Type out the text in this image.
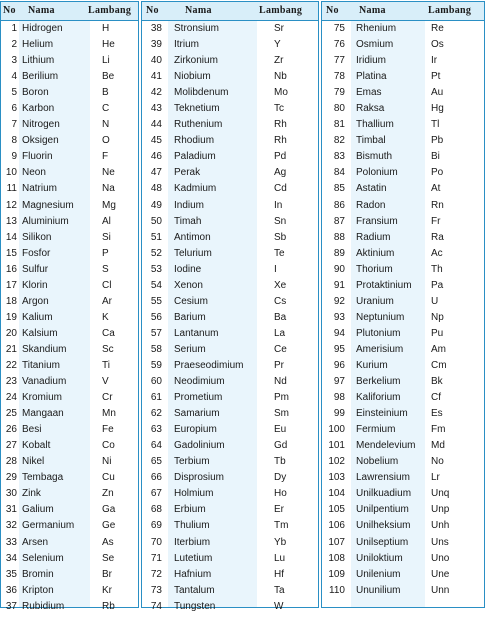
No Nama	Lambang
1 Hidrogen	H
2 Helium	He
3 Lithium	Li
4 Berilium	Be
5 Boron	B
6 Karbon	C
7 Nitrogen	N
8 Oksigen	O
9 Fluorin	F
10 Neon	Ne
11 Natrium	Na
12 Magnesium	Mg
13 Aluminium	Al
14 Silikon	Si
15 Fosfor	P
16 Sulfur	S
17 Klorin	Cl
18 Argon	Ar
19 Kalium	K
20 Kalsium	Ca
21 Skandium	Sc
22 Titanium	Ti
23 Vanadium	V
24 Kromium	Cr
25 Mangaan	Mn
26 Besi	Fe
27 Kobalt	Co
28 Nikel	Ni
29 Tembaga	Cu
30 Zink	Zn
31 Galium	Ga
32 Germanium	Ge
33 Arsen	As
34 Selenium	Se
35 Bromin	Br
36 Kripton	Kr
37 Rubidium	Rb
No	Nama	Lambang
38 Stronsium	Sr
39 Itrium	Y
40 Zirkonium	Zr
41 Niobium	Nb
42 Molibdenum	Mo
43 Teknetium	Tc
44 Ruthenium	Rh
45 Rhodium	Rh
46 Paladium	Pd
47 Perak	Ag
48 Kadmium	Cd
49 Indium	In
50 Timah	Sn
51 Antimon	Sb
52 Telurium	Te
53 Iodine	I
54 Xenon	Xe
55 Cesium	Cs
56 Barium	Ba
57 Lantanum	La
58 Serium	Ce
59 Praeseodimium	Pr
60 Neodimium	Nd
61 Prometium	Pm
62 Samarium	Sm
63 Europium	Eu
64 Gadolinium	Gd
65 Terbium	Tb
66 Disprosium	Dy
67 Holmium	Ho
68 Erbium	Er
69 Thulium	Tm
70 Iterbium	Yb
71 Lutetium	Lu
72 Hafnium	Hf
73 Tantalum	Ta
74 Tungsten	W
No Nama	Lambang
75 Rhenium	Re
76 Osmium	Os
77 Iridium	Ir
78 Platina	Pt
79 Emas	Au
80 Raksa	Hg
81 Thallium	Tl
82 Timbal	Pb
83 Bismuth	Bi
84 Polonium	Po
85 Astatin	At
86 Radon	Rn
87 Fransium	Fr
88 Radium	Ra
89 Aktinium	Ac
90 Thorium	Th
91 Protaktinium Pa
92 Uranium	U
93 Neptunium	Np
94 Plutonium	Pu
95 Amerisium	Am
96 Kurium	Cm
97 Berkelium	Bk
98 Kaliforium	Cf
99 Einsteinium Es
100 Fermium	Fm
101 Mendelevium Md
102 Nobelium	No
103 Lawrensium Lr
104 Unilkuadium Unq
105 Unilpentium Unp
106 Unilheksium Unh
107 Unilseptium Uns
108 Uniloktium	Uno
109 Unilenium	Une
110 Ununilium	Unn
